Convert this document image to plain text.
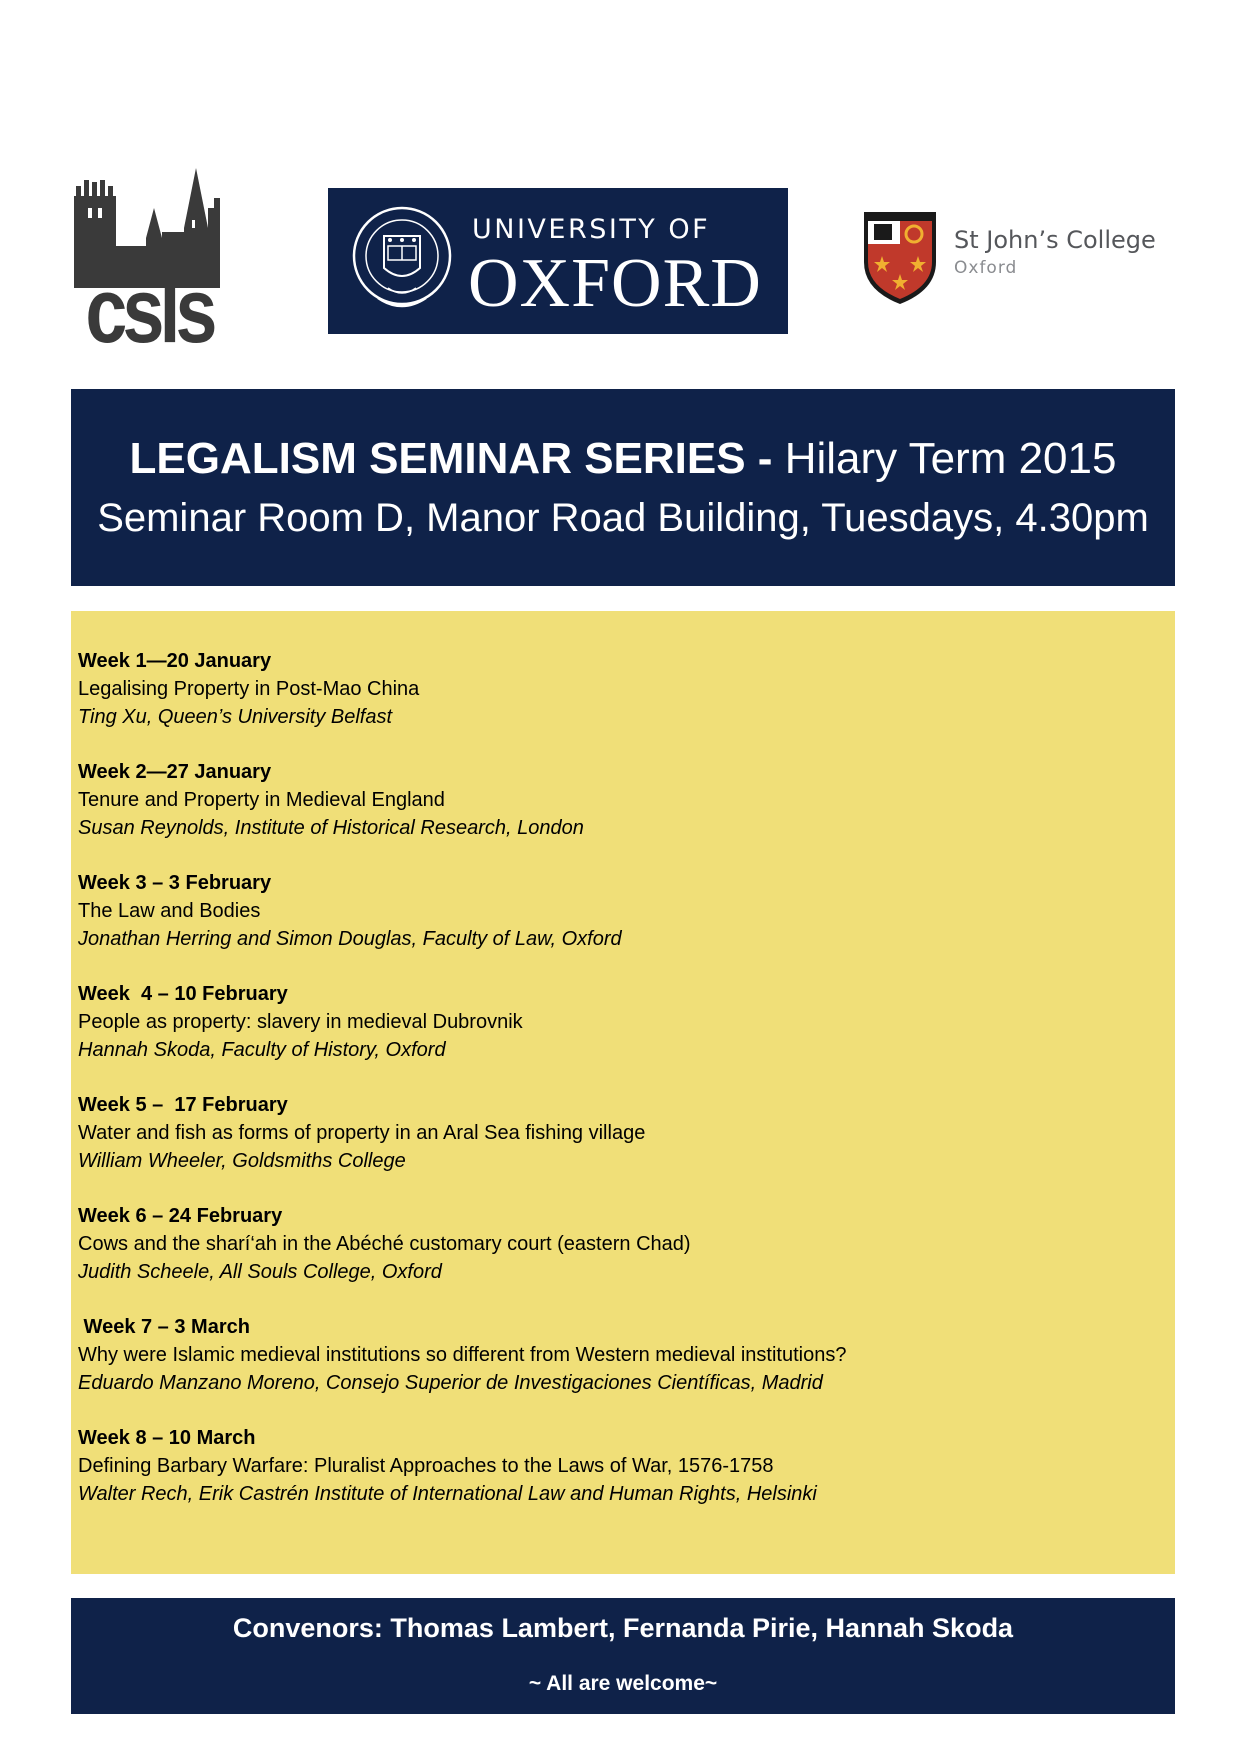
csls
UNIVERSITY OF
OXFORD
St John’s College
Oxford
LEGALISM SEMINAR SERIES - Hilary Term 2015
Seminar Room D, Manor Road Building, Tuesdays, 4.30pm
Week 1—20 January
Legalising Property in Post-Mao China
Ting Xu, Queen’s University Belfast
Week 2—27 January
Tenure and Property in Medieval England
Susan Reynolds, Institute of Historical Research, London
Week 3 – 3 February
The Law and Bodies
Jonathan Herring and Simon Douglas, Faculty of Law, Oxford
Week  4 – 10 February
People as property: slavery in medieval Dubrovnik
Hannah Skoda, Faculty of History, Oxford
Week 5 –  17 February
Water and fish as forms of property in an Aral Sea fishing village
William Wheeler, Goldsmiths College
Week 6 – 24 February
Cows and the sharí‘ah in the Abéché customary court (eastern Chad)
Judith Scheele, All Souls College, Oxford
Week 7 – 3 March
Why were Islamic medieval institutions so different from Western medieval institutions?
Eduardo Manzano Moreno, Consejo Superior de Investigaciones Científicas, Madrid
Week 8 – 10 March
Defining Barbary Warfare: Pluralist Approaches to the Laws of War, 1576-1758
Walter Rech, Erik Castrén Institute of International Law and Human Rights, Helsinki
Convenors: Thomas Lambert, Fernanda Pirie, Hannah Skoda
~ All are welcome~
